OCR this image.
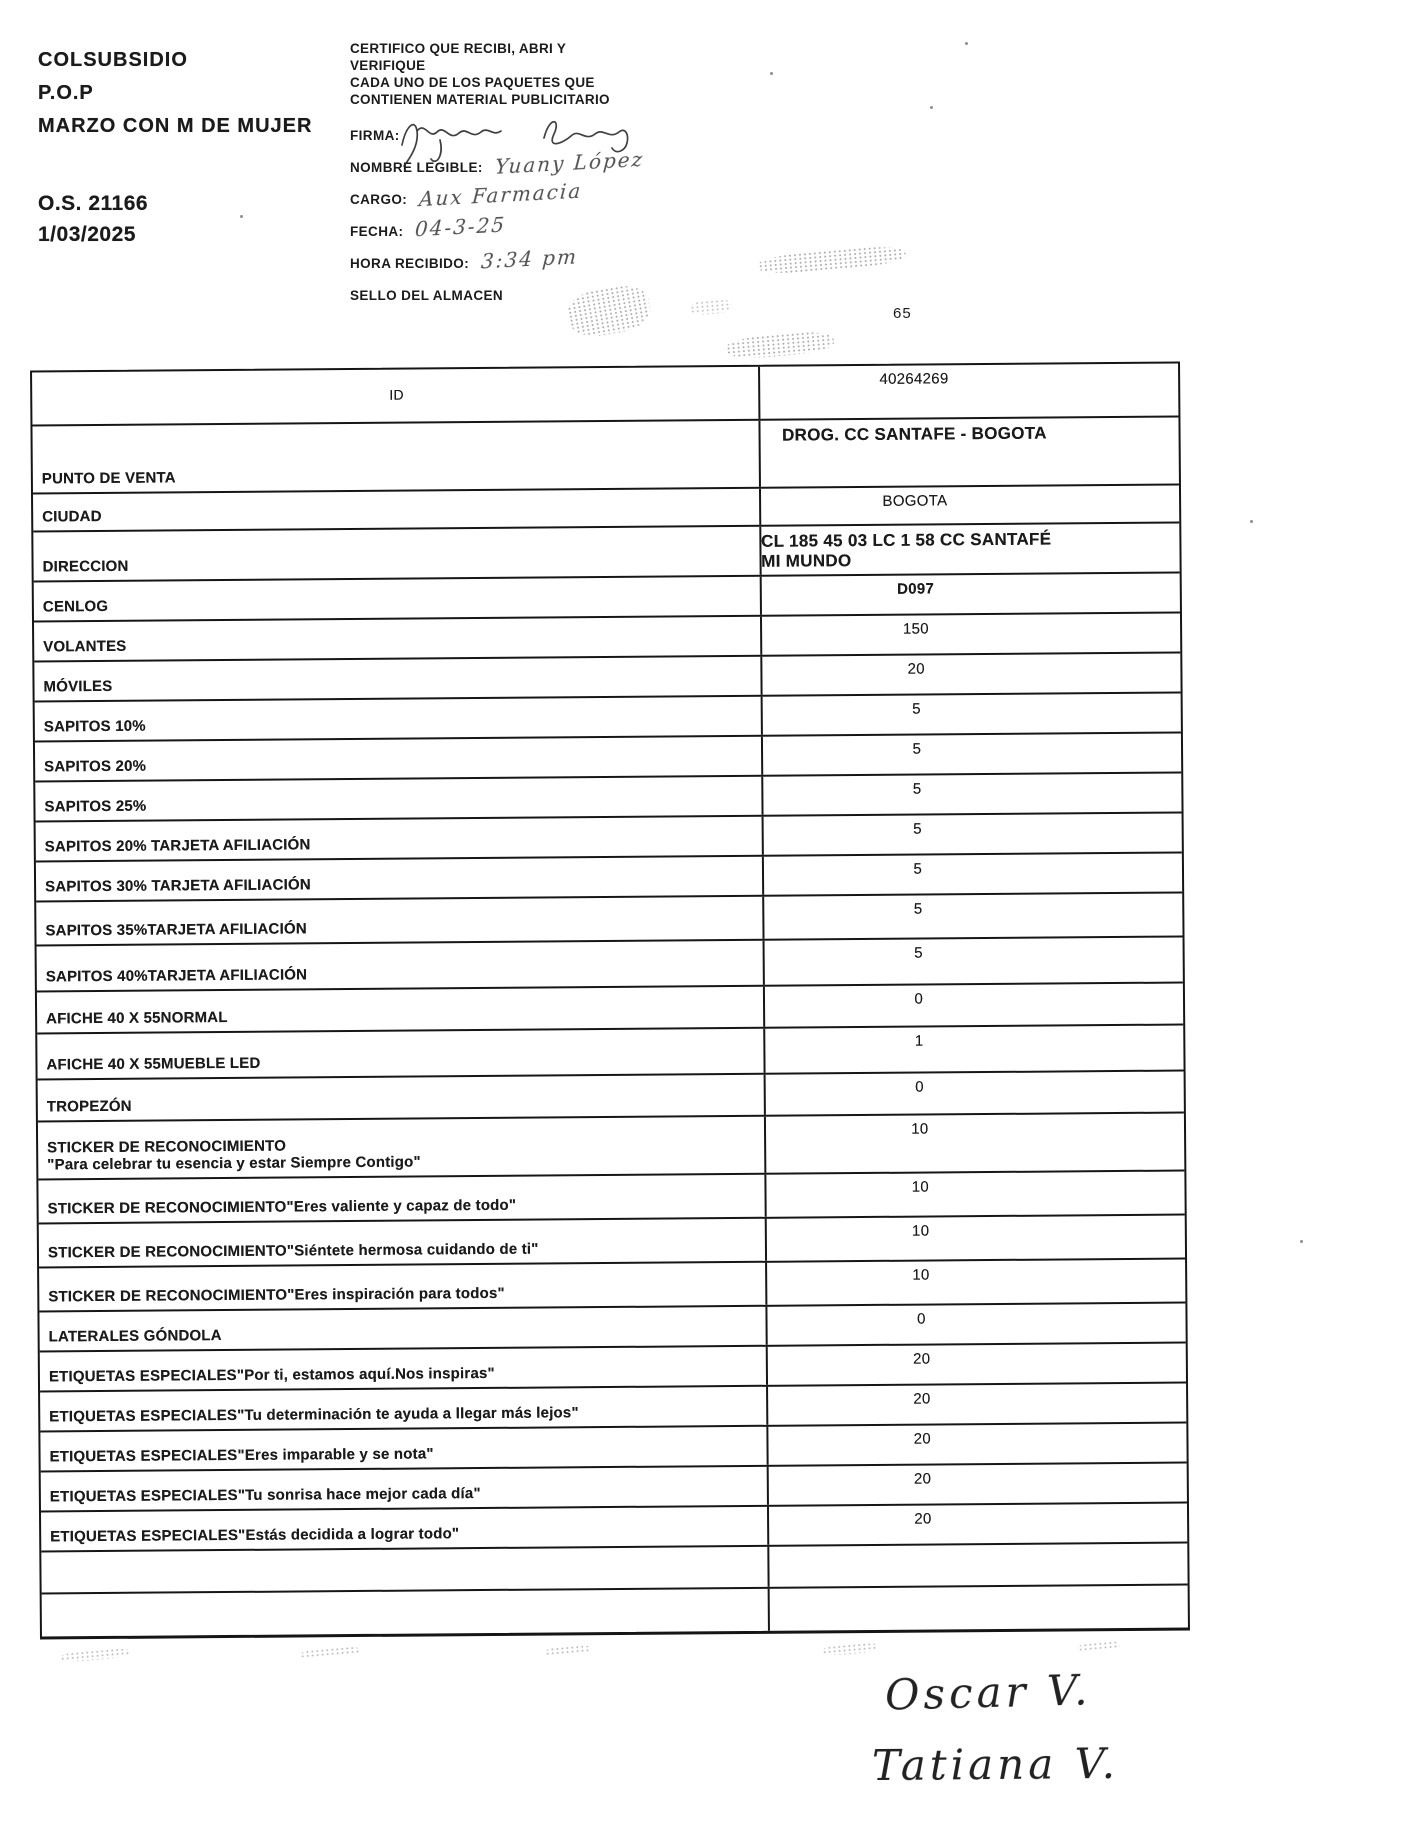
COLSUBSIDIO
P.O.P
MARZO CON M DE MUJER
O.S. 21166
1/03/2025
CERTIFICO QUE RECIBI, ABRI Y
VERIFIQUE
CADA UNO DE LOS PAQUETES QUE
CONTIENEN MATERIAL PUBLICITARIO
FIRMA:
NOMBRE LEGIBLE: Yuany López
CARGO: Aux Farmacia
FECHA: 04-3-25
HORA RECIBIDO: 3:34 pm
SELLO DEL ALMACEN
65
ID
40264269
PUNTO DE VENTA
DROG. CC SANTAFE - BOGOTA
CIUDAD
BOGOTA
DIRECCION
CL 185 45 03 LC 1 58 CC SANTAFÉ MI MUNDO
CENLOG
D097
VOLANTES
150
MÓVILES
20
SAPITOS 10%
5
SAPITOS 20%
5
SAPITOS 25%
5
SAPITOS 20% TARJETA AFILIACIÓN
5
SAPITOS 30% TARJETA AFILIACIÓN
5
SAPITOS 35%TARJETA AFILIACIÓN
5
SAPITOS 40%TARJETA AFILIACIÓN
5
AFICHE 40 X 55NORMAL
0
AFICHE 40 X 55MUEBLE LED
1
TROPEZÓN
0
STICKER DE RECONOCIMIENTO
"Para celebrar tu esencia y estar Siempre Contigo"
10
STICKER DE RECONOCIMIENTO"Eres valiente y capaz de todo"
10
STICKER DE RECONOCIMIENTO"Siéntete hermosa cuidando de ti"
10
STICKER DE RECONOCIMIENTO"Eres inspiración para todos"
10
LATERALES GÓNDOLA
0
ETIQUETAS ESPECIALES"Por ti, estamos aquí.Nos inspiras"
20
ETIQUETAS ESPECIALES"Tu determinación te ayuda a llegar más lejos"
20
ETIQUETAS ESPECIALES"Eres imparable y se nota"
20
ETIQUETAS ESPECIALES"Tu sonrisa hace mejor cada día"
20
ETIQUETAS ESPECIALES"Estás decidida a lograr todo"
20
Oscar V.
Tatiana V.
